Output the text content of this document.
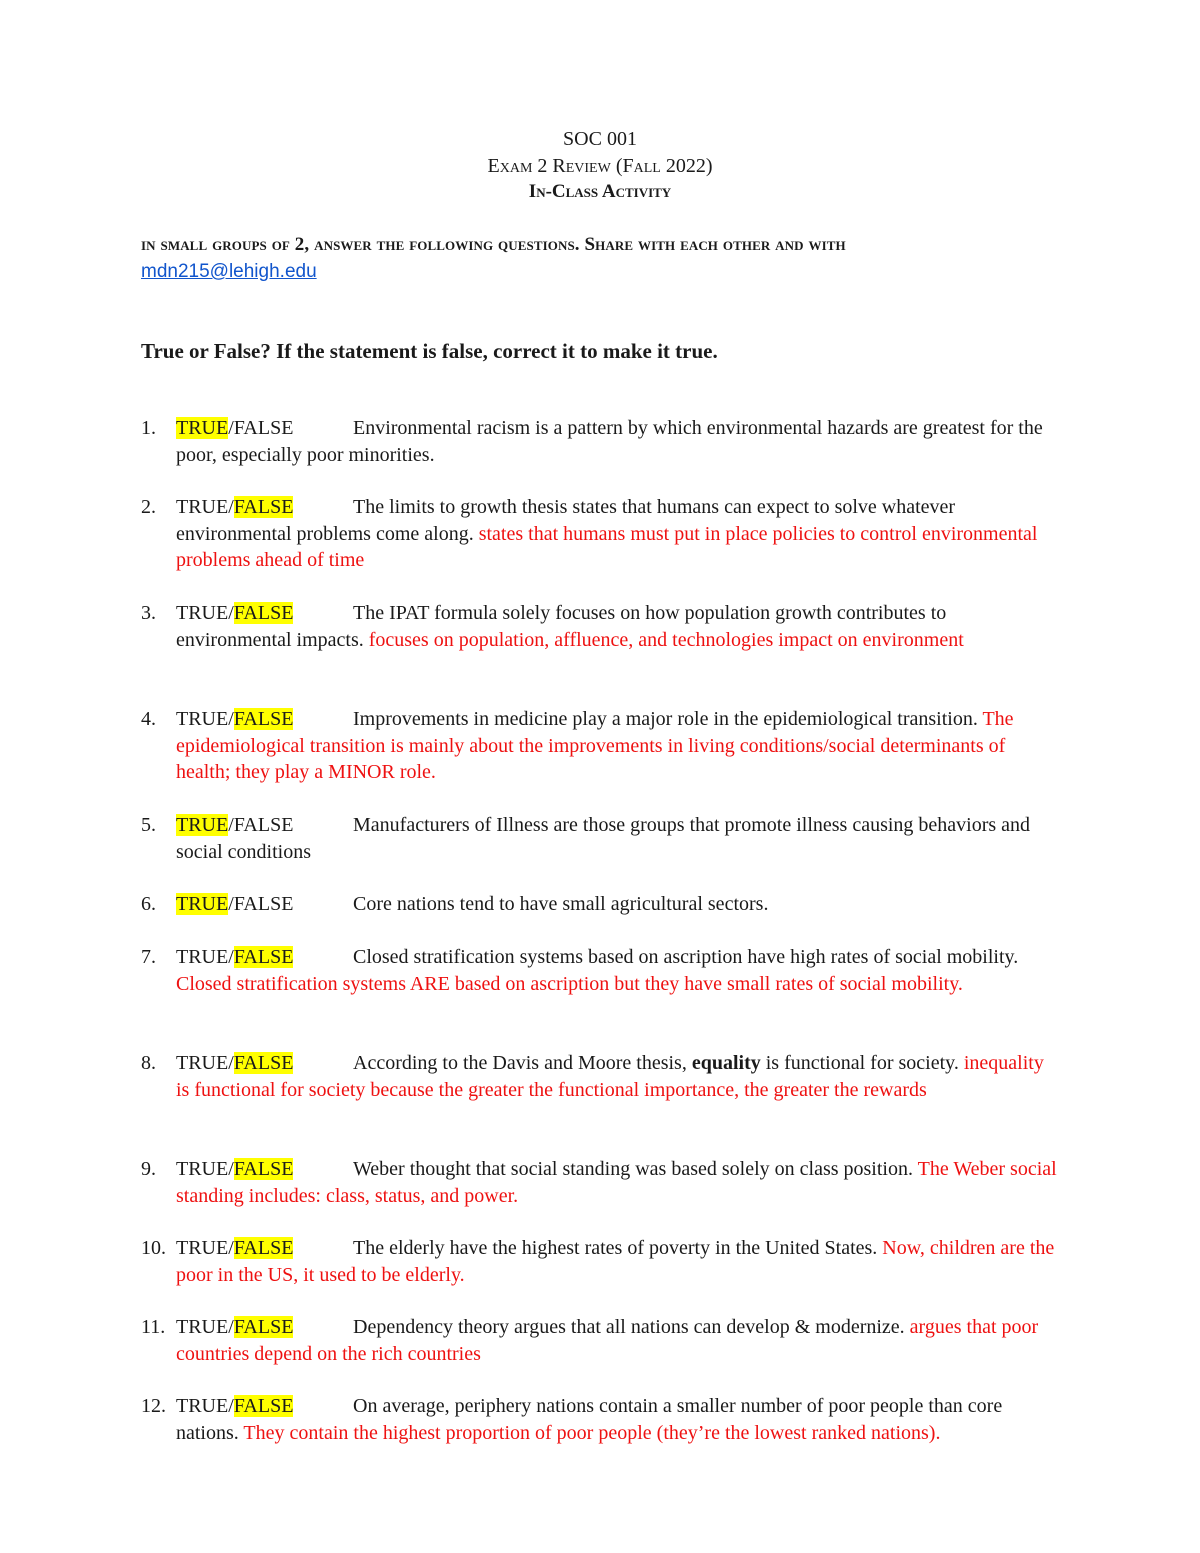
SOC 001
Exam 2 Review (Fall 2022)
In-Class Activity
in small groups of 2, answer the following questions. Share with each other and with
mdn215@lehigh.edu
True or False? If the statement is false, correct it to make it true.
1. TRUE/FALSE	Environmental racism is a pattern by which environmental hazards are greatest for the poor, especially poor minorities.
2. TRUE/FALSE	The limits to growth thesis states that humans can expect to solve whatever environmental problems come along. states that humans must put in place policies to control environmental problems ahead of time
3. TRUE/FALSE	The IPAT formula solely focuses on how population growth contributes to environmental impacts. focuses on population, affluence, and technologies impact on environment
4. TRUE/FALSE	Improvements in medicine play a major role in the epidemiological transition. The epidemiological transition is mainly about the improvements in living conditions/social determinants of health; they play a MINOR role.
5. TRUE/FALSE	Manufacturers of Illness are those groups that promote illness causing behaviors and social conditions
6. TRUE/FALSE	Core nations tend to have small agricultural sectors.
7. TRUE/FALSE	Closed stratification systems based on ascription have high rates of social mobility. Closed stratification systems ARE based on ascription but they have small rates of social mobility.
8. TRUE/FALSE	According to the Davis and Moore thesis, equality is functional for society. inequality is functional for society because the greater the functional importance, the greater the rewards
9. TRUE/FALSE	Weber thought that social standing was based solely on class position. The Weber social standing includes: class, status, and power.
10. TRUE/FALSE	The elderly have the highest rates of poverty in the United States. Now, children are the poor in the US, it used to be elderly.
11. TRUE/FALSE	Dependency theory argues that all nations can develop & modernize. argues that poor countries depend on the rich countries
12. TRUE/FALSE	On average, periphery nations contain a smaller number of poor people than core nations. They contain the highest proportion of poor people (they’re the lowest ranked nations).
